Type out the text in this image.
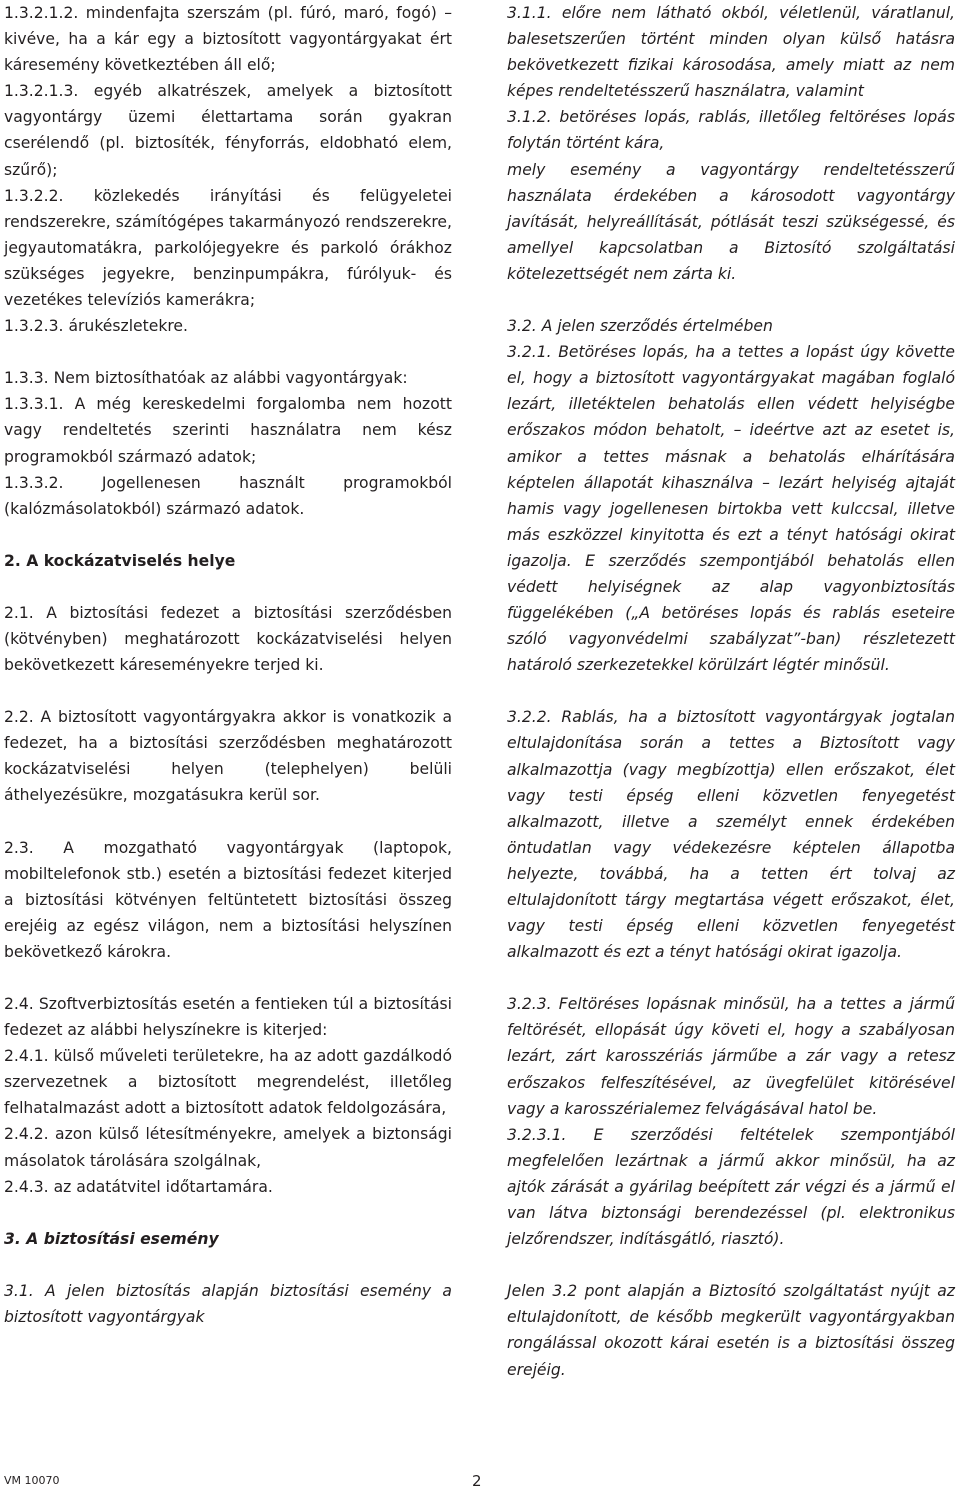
1.3.2.1.2. mindenfajta szerszám (pl. fúró, maró, fogó) – kivéve, ha a kár egy a biztosított vagyontárgyakat ért káresemény következtében áll elő;

1.3.2.1.3. egyéb alkatrészek, amelyek a biztosított vagyontárgy üzemi élettartama során gyakran cserélendő (pl. biztosíték, fényforrás, eldobható elem, szűrő);

1.3.2.2. közlekedés irányítási és felügyeletei rendszerekre, számítógépes takarmányozó rendszerekre, jegyautomatákra, parkolójegyekre és parkoló órákhoz szükséges jegyekre, benzinpumpákra, fúrólyuk- és vezetékes televíziós kamerákra;

1.3.2.3. árukészletekre.

1.3.3. Nem biztosíthatóak az alábbi vagyontárgyak:

1.3.3.1. A még kereskedelmi forgalomba nem hozott vagy rendeltetés szerinti használatra nem kész programokból származó adatok;

1.3.3.2. Jogellenesen használt programokból (kalózmásolatokból) származó adatok.

2. A kockázatviselés helye

2.1. A biztosítási fedezet a biztosítási szerződésben (kötvényben) meghatározott kockázatviselési helyen bekövetkezett káreseményekre terjed ki.

2.2. A biztosított vagyontárgyakra akkor is vonatkozik a fedezet, ha a biztosítási szerződésben meghatározott kockázatviselési helyen (telephelyen) belüli áthelyezésükre, mozgatásukra kerül sor.

2.3. A mozgatható vagyontárgyak (laptopok, mobiltelefonok stb.) esetén a biztosítási fedezet kiterjed a biztosítási kötvényen feltüntetett biztosítási összeg erejéig az egész világon, nem a biztosítási helyszínen bekövetkező károkra.

2.4. Szoftverbiztosítás esetén a fentieken túl a biztosítási fedezet az alábbi helyszínekre is kiterjed:

2.4.1. külső műveleti területekre, ha az adott gazdálkodó szervezetnek a biztosított megrendelést, illetőleg felhatalmazást adott a biztosított adatok feldolgozására,

2.4.2. azon külső létesítményekre, amelyek a biztonsági másolatok tárolására szolgálnak,

2.4.3. az adatátvitel időtartamára.

3. A biztosítási esemény

3.1. A jelen biztosítás alapján biztosítási esemény a biztosított vagyontárgyak

3.1.1. előre nem látható okból, véletlenül, váratlanul, balesetszerűen történt minden olyan külső hatásra bekövetkezett fizikai károsodása, amely miatt az nem képes rendeltetésszerű használatra, valamint

3.1.2. betöréses lopás, rablás, illetőleg feltöréses lopás folytán történt kára,

mely esemény a vagyontárgy rendeltetésszerű használata érdekében a károsodott vagyontárgy javítását, helyreállítását, pótlását teszi szükségessé, és amellyel kapcsolatban a Biztosító szolgáltatási kötelezettségét nem zárta ki.

3.2. A jelen szerződés értelmében

3.2.1. Betöréses lopás, ha a tettes a lopást úgy követte el, hogy a biztosított vagyontárgyakat magában foglaló lezárt, illetéktelen behatolás ellen védett helyiségbe erőszakos módon behatolt, – ideértve azt az esetet is, amikor a tettes másnak a behatolás elhárítására képtelen állapotát kihasználva – lezárt helyiség ajtaját hamis vagy jogellenesen birtokba vett kulccsal, illetve más eszközzel kinyitotta és ezt a tényt hatósági okirat igazolja. E szerződés szempontjából behatolás ellen védett helyiségnek az alap vagyonbiztosítás függelékében („A betöréses lopás és rablás eseteire szóló vagyonvédelmi szabályzat”-ban) részletezett határoló szerkezetekkel körülzárt légtér minősül.

3.2.2. Rablás, ha a biztosított vagyontárgyak jogtalan eltulajdonítása során a tettes a Biztosított vagy alkalmazottja (vagy megbízottja) ellen erőszakot, élet vagy testi épség elleni közvetlen fenyegetést alkalmazott, illetve a személyt ennek érdekében öntudatlan vagy védekezésre képtelen állapotba helyezte, továbbá, ha a tetten ért tolvaj az eltulajdonított tárgy megtartása végett erőszakot, élet, vagy testi épség elleni közvetlen fenyegetést alkalmazott és ezt a tényt hatósági okirat igazolja.

3.2.3. Feltöréses lopásnak minősül, ha a tettes a jármű feltörését, ellopását úgy követi el, hogy a szabályosan lezárt, zárt karosszériás járműbe a zár vagy a retesz erőszakos felfeszítésével, az üvegfelület kitörésével vagy a karosszérialemez felvágásával hatol be.

3.2.3.1. E szerződési feltételek szempontjából megfelelően lezártnak a jármű akkor minősül, ha az ajtók zárását a gyárilag beépített zár végzi és a jármű el van látva biztonsági berendezéssel (pl. elektronikus jelzőrendszer, indításgátló, riasztó).

Jelen 3.2 pont alapján a Biztosító szolgáltatást nyújt az eltulajdonított, de később megkerült vagyontárgyakban rongálással okozott kárai esetén is a biztosítási összeg erejéig.

VM 10070	2
